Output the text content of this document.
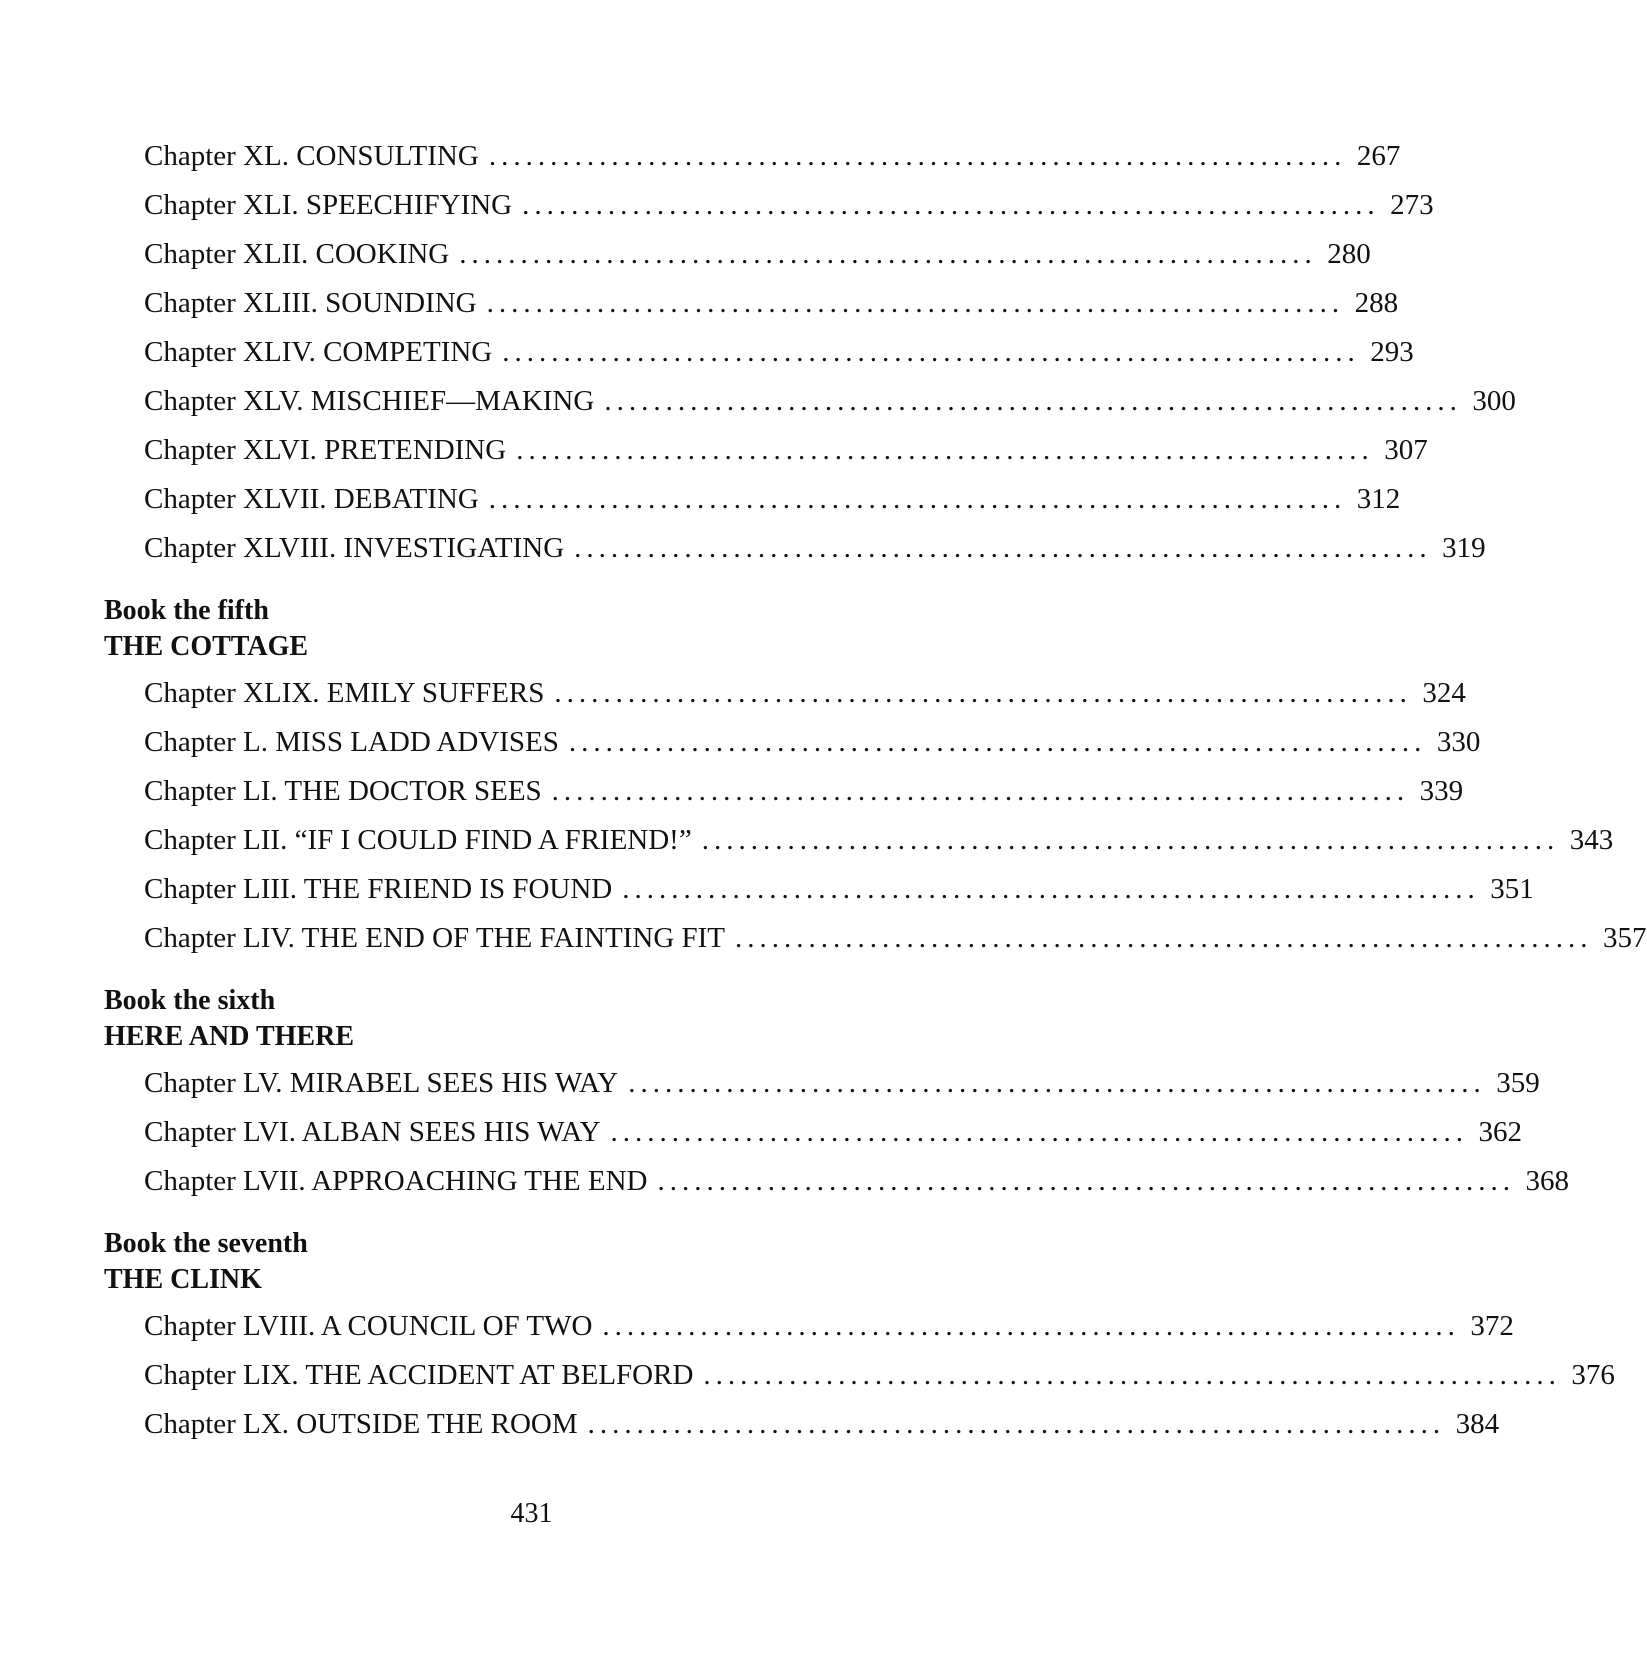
Chapter XL. CONSULTING ...................................................................... 267
Chapter XLI. SPEECHIFYING ...................................................................... 273
Chapter XLII. COOKING ...................................................................... 280
Chapter XLIII. SOUNDING ...................................................................... 288
Chapter XLIV. COMPETING ...................................................................... 293
Chapter XLV. MISCHIEF—MAKING ...................................................................... 300
Chapter XLVI. PRETENDING ...................................................................... 307
Chapter XLVII. DEBATING ...................................................................... 312
Chapter XLVIII. INVESTIGATING ...................................................................... 319
Book the fifth
THE COTTAGE
Chapter XLIX. EMILY SUFFERS ...................................................................... 324
Chapter L. MISS LADD ADVISES ...................................................................... 330
Chapter LI. THE DOCTOR SEES ...................................................................... 339
Chapter LII. “IF I COULD FIND A FRIEND!” ...................................................................... 343
Chapter LIII. THE FRIEND IS FOUND ...................................................................... 351
Chapter LIV. THE END OF THE FAINTING FIT ...................................................................... 357
Book the sixth
HERE AND THERE
Chapter LV. MIRABEL SEES HIS WAY ...................................................................... 359
Chapter LVI. ALBAN SEES HIS WAY ...................................................................... 362
Chapter LVII. APPROACHING THE END ...................................................................... 368
Book the seventh
THE CLINK
Chapter LVIII. A COUNCIL OF TWO ...................................................................... 372
Chapter LIX. THE ACCIDENT AT BELFORD ...................................................................... 376
Chapter LX. OUTSIDE THE ROOM ...................................................................... 384
431
